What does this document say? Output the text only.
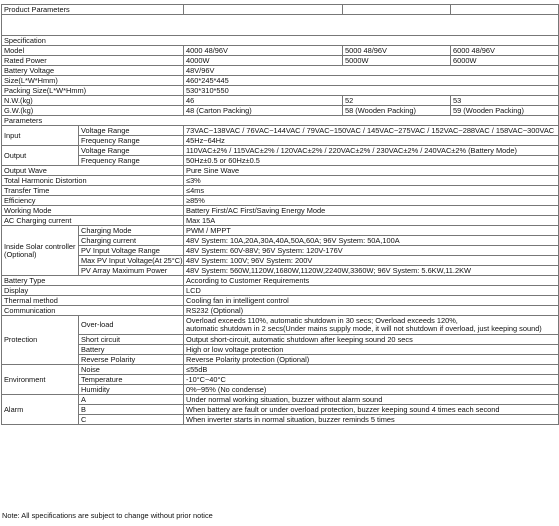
Product Parameters				

Specification				
Model		4000 48/96V	5000 48/96V	6000 48/96V
Rated Power		4000W	5000W	6000W
Battery Voltage		48V/96V		
Size(L*W*Hmm)		460*245*445		
Packing Size(L*W*Hmm)		530*310*550		
N.W.(kg)		46	52	53
G.W.(kg)		48 (Carton Packing)	58 (Wooden Packing)	59 (Wooden Packing)
Parameters				
Input	Voltage Range	73VAC~138VAC / 76VAC~144VAC / 79VAC~150VAC / 145VAC~275VAC / 152VAC~288VAC / 158VAC~300VAC		
	Frequency Range	45Hz~64Hz		
Output	Voltage Range	110VAC±2% / 115VAC±2% / 120VAC±2% / 220VAC±2% / 230VAC±2% / 240VAC±2% (Battery Mode)		
	Frequency Range	50Hz±0.5 or 60Hz±0.5		
Output Wave		Pure Sine Wave		
Total Harmonic Distortion		≤3%		
Transfer Time		≤4ms		
Efficiency		≥85%		
Working Mode		Battery First/AC First/Saving Energy Mode		
AC Charging current		Max 15A		
Inside Solar controller (Optional)	Charging Mode	PWM / MPPT		
	Charging current	48V System: 10A,20A,30A,40A,50A,60A; 96V System: 50A,100A		
	PV Input Voltage Range	48V System: 60V-88V; 96V System: 120V-176V		
	Max PV Input Voltage(At 25°C)	48V System: 100V; 96V System: 200V		
	PV Array Maximum Power	48V System: 560W,1120W,1680W,1120W,2240W,3360W; 96V System: 5.6KW,11.2KW		
Battery Type		According to Customer Requirements		
Display		LCD		
Thermal method		Cooling fan in intelligent control		
Communication		RS232 (Optional)		
Protection	Over-load	Overload exceeds 110%, automatic shutdown in 30 secs; Overload exceeds 120%,
automatic shutdown in 2 secs(Under mains supply mode, it will not shutdown if overload, just keeping sound)		

	Short circuit	Output short-circuit, automatic shutdown after keeping sound 20 secs		
	Battery	High or low voltage protection		
	Reverse Polarity	Reverse Polarity protection (Optional)		
Environment	Noise	≤55dB		
	Temperature	-10°C~40°C		
	Humidity	0%~95% (No condense)		
Alarm	A	Under normal working situation, buzzer without alarm sound		
	B	When battery are fault or under overload protection, buzzer keeping sound 4 times each second		
	C	When inverter starts in normal situation, buzzer reminds 5 times		
Note: All specifications are subject to change without prior notice
